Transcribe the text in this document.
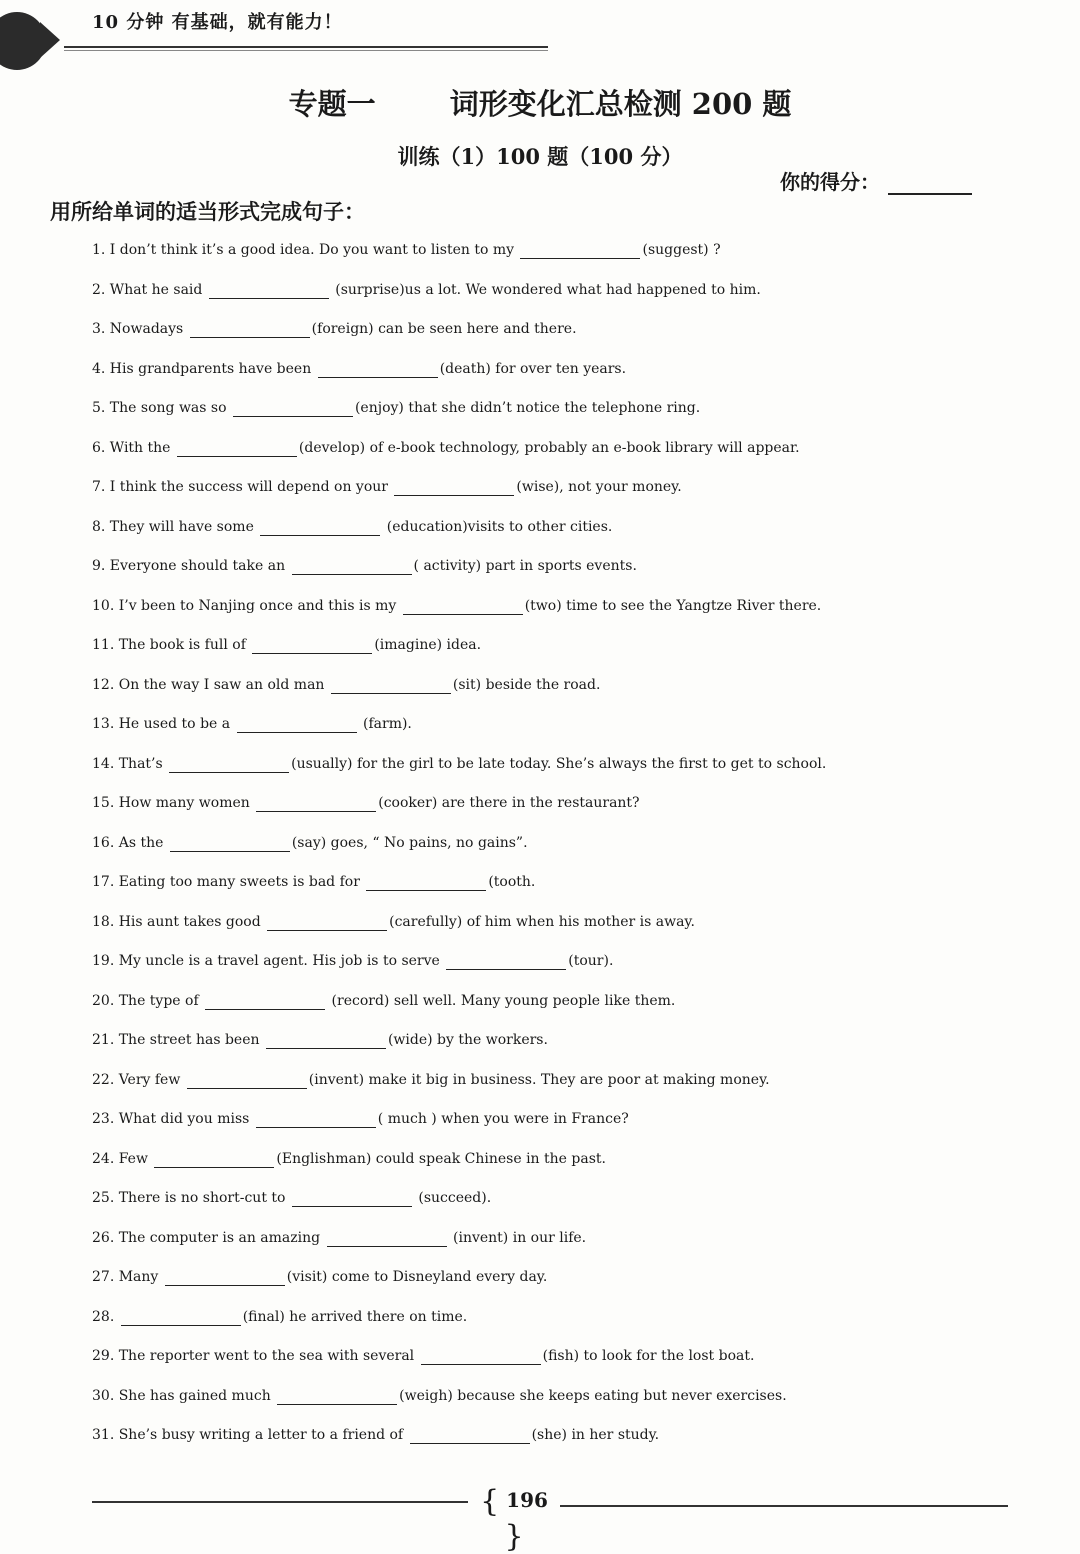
10 分钟 有基础，就有能力！
专题一	词形变化汇总检测 200 题
训练（1）100 题（100 分）
你的得分：
用所给单词的适当形式完成句子：
1. I don’t think it’s a good idea. Do you want to listen to my	(suggest) ?
2. What he said	(surprise)us a lot. We wondered what had happened to him.
3. Nowadays	(foreign) can be seen here and there.
4. His grandparents have been	(death) for over ten years.
5. The song was so	(enjoy) that she didn’t notice the telephone ring.
6. With the	(develop) of e-book technology, probably an e-book library will appear.
7. I think the success will depend on your	(wise), not your money.
8. They will have some	(education)visits to other cities.
9. Everyone should take an	( activity) part in sports events.
10. I’v been to Nanjing once and this is my	(two) time to see the Yangtze River there.
11. The book is full of	(imagine) idea.
12. On the way I saw an old man	(sit) beside the road.
13. He used to be a	(farm).
14. That’s	(usually) for the girl to be late today. She’s always the first to get to school.
15. How many women	(cooker) are there in the restaurant?
16. As the	(say) goes, “ No pains, no gains”.
17. Eating too many sweets is bad for	(tooth.
18. His aunt takes good	(carefully) of him when his mother is away.
19. My uncle is a travel agent. His job is to serve	(tour).
20. The type of	(record) sell well. Many young people like them.
21. The street has been	(wide) by the workers.
22. Very few	(invent) make it big in business. They are poor at making money.
23. What did you miss	( much ) when you were in France?
24. Few	(Englishman) could speak Chinese in the past.
25. There is no short-cut to	(succeed).
26. The computer is an amazing	(invent) in our life.
27. Many	(visit) come to Disneyland every day.
28.	(final) he arrived there on time.
29. The reporter went to the sea with several	(fish) to look for the lost boat.
30. She has gained much	(weigh) because she keeps eating but never exercises.
31. She’s busy writing a letter to a friend of	(she) in her study.
{ 196 }
